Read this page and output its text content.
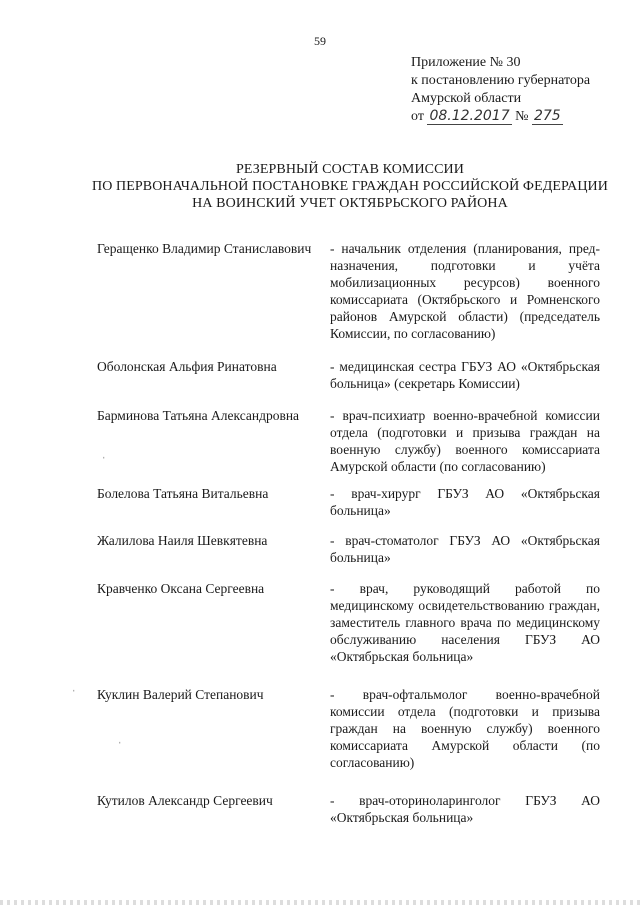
59
Приложение № 30
к постановлению губернатора
Амурской области
от 08.12.2017 № 275
РЕЗЕРВНЫЙ СОСТАВ КОМИССИИ
ПО ПЕРВОНАЧАЛЬНОЙ ПОСТАНОВКЕ ГРАЖДАН РОССИЙСКОЙ ФЕДЕРАЦИИ
НА ВОИНСКИЙ УЧЕТ ОКТЯБРЬСКОГО РАЙОНА
Геращенко Владимир Станиславович - начальник отделения (планирования, пред-назначения, подготовки и учёта мобилизационных ресурсов) военного комиссариата (Октябрьского и Ромненского районов Амурской области) (председатель Комиссии, по согласованию)
Оболонская Альфия Ринатовна	- медицинская сестра ГБУЗ АО «Октябрьская больница» (секретарь Комиссии)
Барминова Татьяна Александровна - врач-психиатр военно-врачебной комиссии отдела (подготовки и призыва граждан на военную службу) военного комиссариата Амурской области (по согласованию)
Болелова Татьяна Витальевна	- врач-хирург ГБУЗ АО «Октябрьская больница»
Жалилова Наиля Шевкятевна	- врач-стоматолог ГБУЗ АО «Октябрьская больница»
Кравченко Оксана Сергеевна	- врач, руководящий работой по медицинскому освидетельствованию граждан, заместитель главного врача по медицинскому обслуживанию населения ГБУЗ АО «Октябрьская больница»
Куклин Валерий Степанович	- врач-офтальмолог военно-врачебной комиссии отдела (подготовки и призыва граждан на военную службу) военного комиссариата Амурской области (по согласованию)
Кутилов Александр Сергеевич	- врач-оториноларинголог ГБУЗ АО «Октябрьская больница»
ˈ
ˌ
ˈ
